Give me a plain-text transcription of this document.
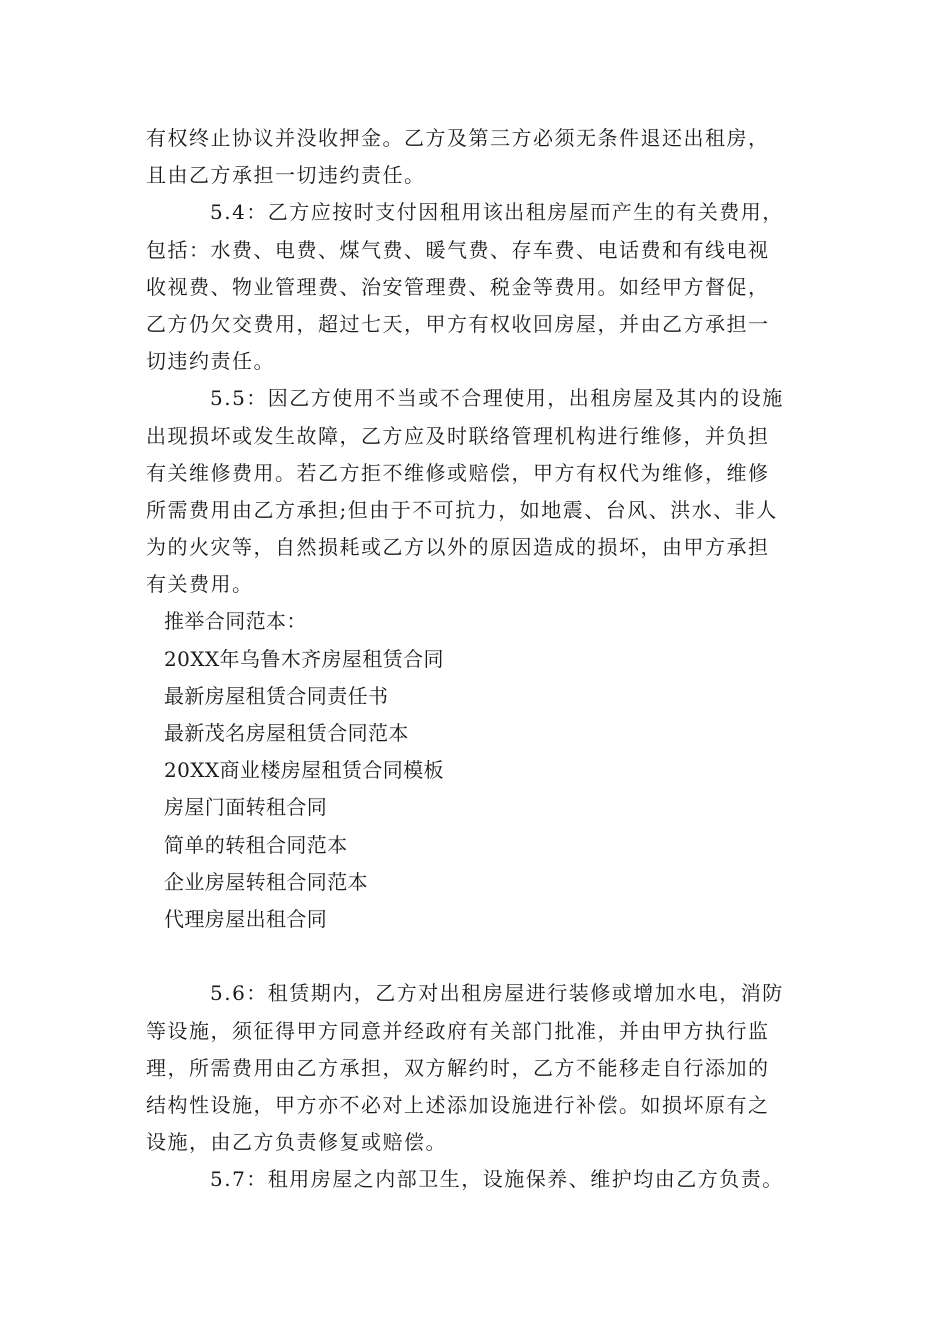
有权终止协议并没收押金。乙方及第三方必须无条件退还出租房，
且由乙方承担一切违约责任。
5.4：乙方应按时支付因租用该出租房屋而产生的有关费用，
包括：水费、电费、煤气费、暖气费、存车费、电话费和有线电视
收视费、物业管理费、治安管理费、税金等费用。如经甲方督促，
乙方仍欠交费用，超过七天，甲方有权收回房屋，并由乙方承担一
切违约责任。
5.5：因乙方使用不当或不合理使用，出租房屋及其内的设施
出现损坏或发生故障，乙方应及时联络管理机构进行维修，并负担
有关维修费用。若乙方拒不维修或赔偿，甲方有权代为维修，维修
所需费用由乙方承担;但由于不可抗力，如地震、台风、洪水、非人
为的火灾等，自然损耗或乙方以外的原因造成的损坏，由甲方承担
有关费用。
推举合同范本：
20XX年乌鲁木齐房屋租赁合同
最新房屋租赁合同责任书
最新茂名房屋租赁合同范本
20XX商业楼房屋租赁合同模板
房屋门面转租合同
简单的转租合同范本
企业房屋转租合同范本
代理房屋出租合同
5.6：租赁期内，乙方对出租房屋进行装修或增加水电，消防
等设施，须征得甲方同意并经政府有关部门批准，并由甲方执行监
理，所需费用由乙方承担，双方解约时，乙方不能移走自行添加的
结构性设施，甲方亦不必对上述添加设施进行补偿。如损坏原有之
设施，由乙方负责修复或赔偿。
5.7：租用房屋之内部卫生，设施保养、维护均由乙方负责。
